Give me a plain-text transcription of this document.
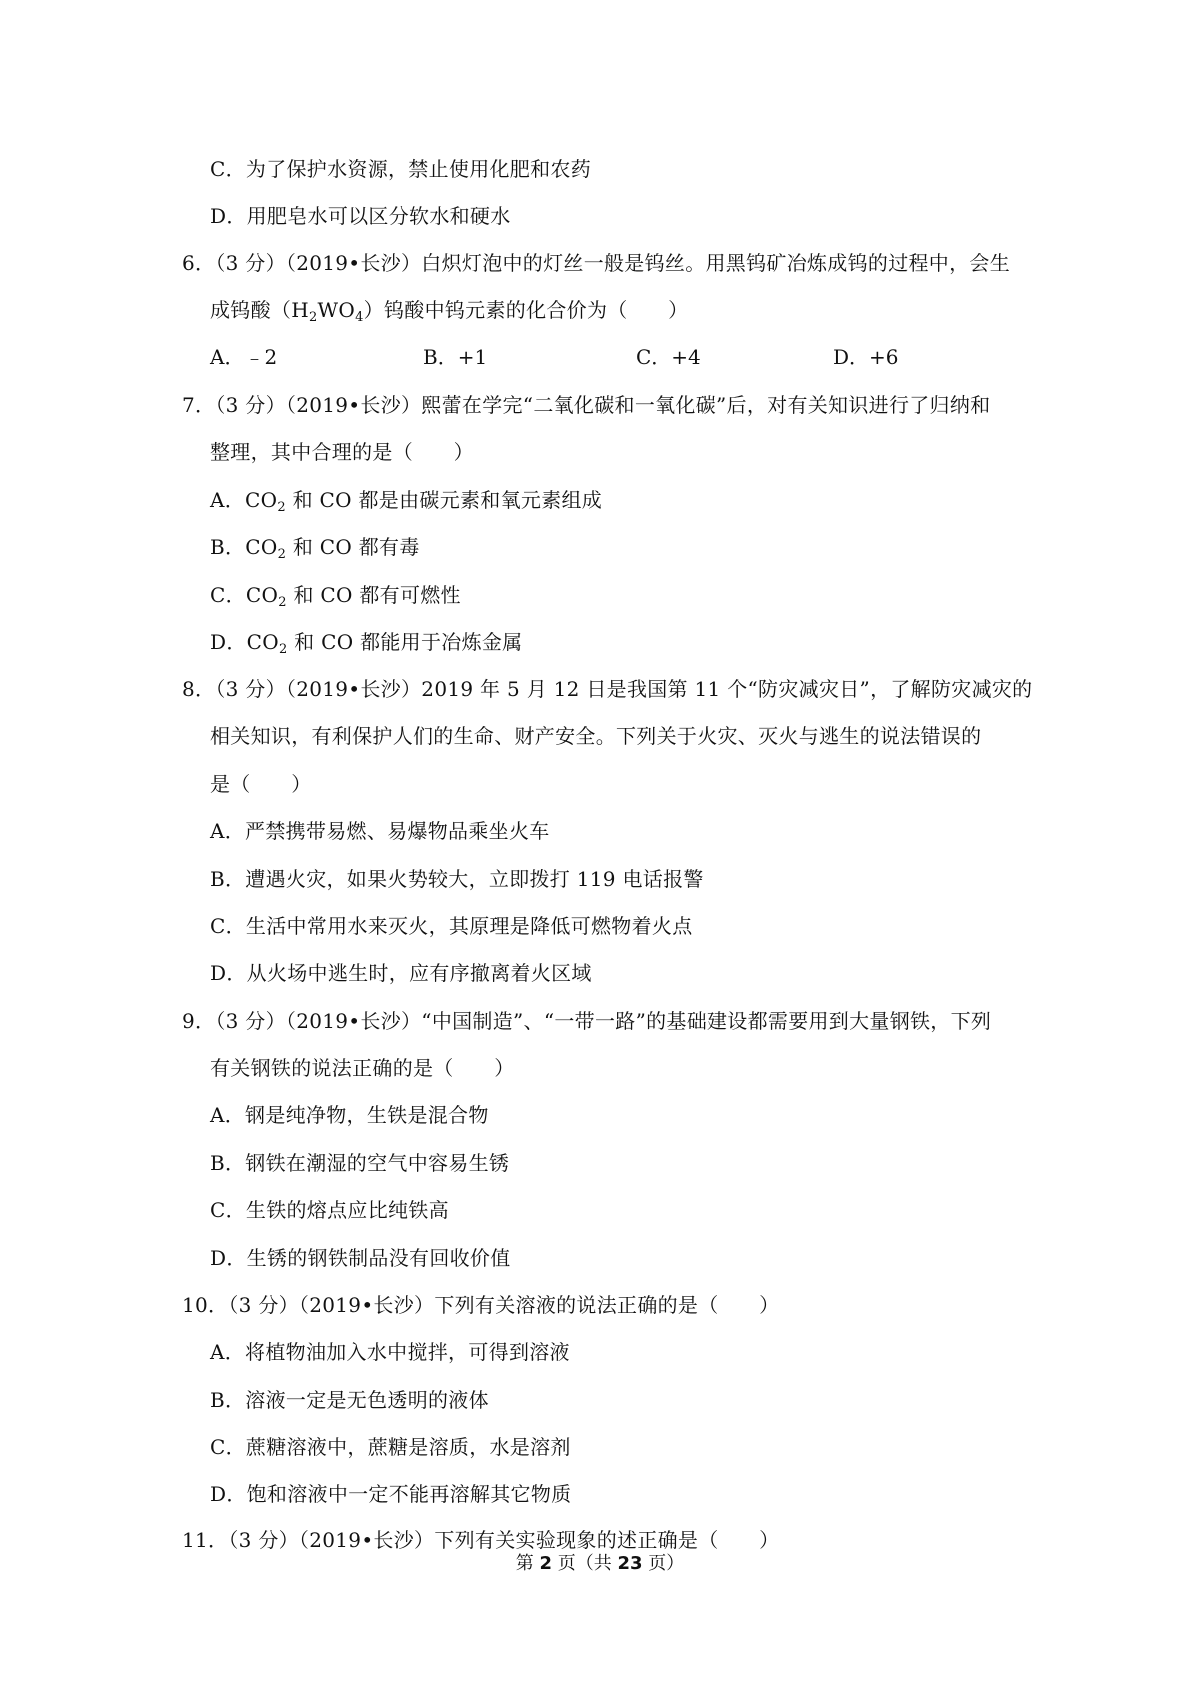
C．为了保护水资源，禁止使用化肥和农药
D．用肥皂水可以区分软水和硬水
6．（3 分）（2019•长沙）白炽灯泡中的灯丝一般是钨丝。用黑钨矿冶炼成钨的过程中，会生
成钨酸$(H_2WO_4)$钨酸中钨元素的化合价为（　　）
A．﹣2	B．+1	C．+4	D．+6
7．（3 分）（2019•长沙）熙蕾在学完“二氧化碳和一氧化碳”后，对有关知识进行了归纳和
整理，其中合理的是（　　）
A．$CO_2$ 和 CO 都是由碳元素和氧元素组成
B．$CO_2$ 和 CO 都有毒
C．$CO_2$ 和 CO 都有可燃性
D．$CO_2$ 和 CO 都能用于冶炼金属
8．（3 分）（2019•长沙）2019 年 5 月 12 日是我国第 11 个“防灾减灾日”，了解防灾减灾的
相关知识，有利保护人们的生命、财产安全。下列关于火灾、灭火与逃生的说法错误的
是（　　）
A．严禁携带易燃、易爆物品乘坐火车
B．遭遇火灾，如果火势较大，立即拨打 119 电话报警
C．生活中常用水来灭火，其原理是降低可燃物着火点
D．从火场中逃生时，应有序撤离着火区域
9．（3 分）（2019•长沙）“中国制造”、“一带一路”的基础建设都需要用到大量钢铁，下列
有关钢铁的说法正确的是（　　）
A．钢是纯净物，生铁是混合物
B．钢铁在潮湿的空气中容易生锈
C．生铁的熔点应比纯铁高
D．生锈的钢铁制品没有回收价值
10．（3 分）（2019•长沙）下列有关溶液的说法正确的是（　　）
A．将植物油加入水中搅拌，可得到溶液
B．溶液一定是无色透明的液体
C．蔗糖溶液中，蔗糖是溶质，水是溶剂
D．饱和溶液中一定不能再溶解其它物质
11．（3 分）（2019•长沙）下列有关实验现象的述正确是（　　）
第 2 页（共 23 页）
